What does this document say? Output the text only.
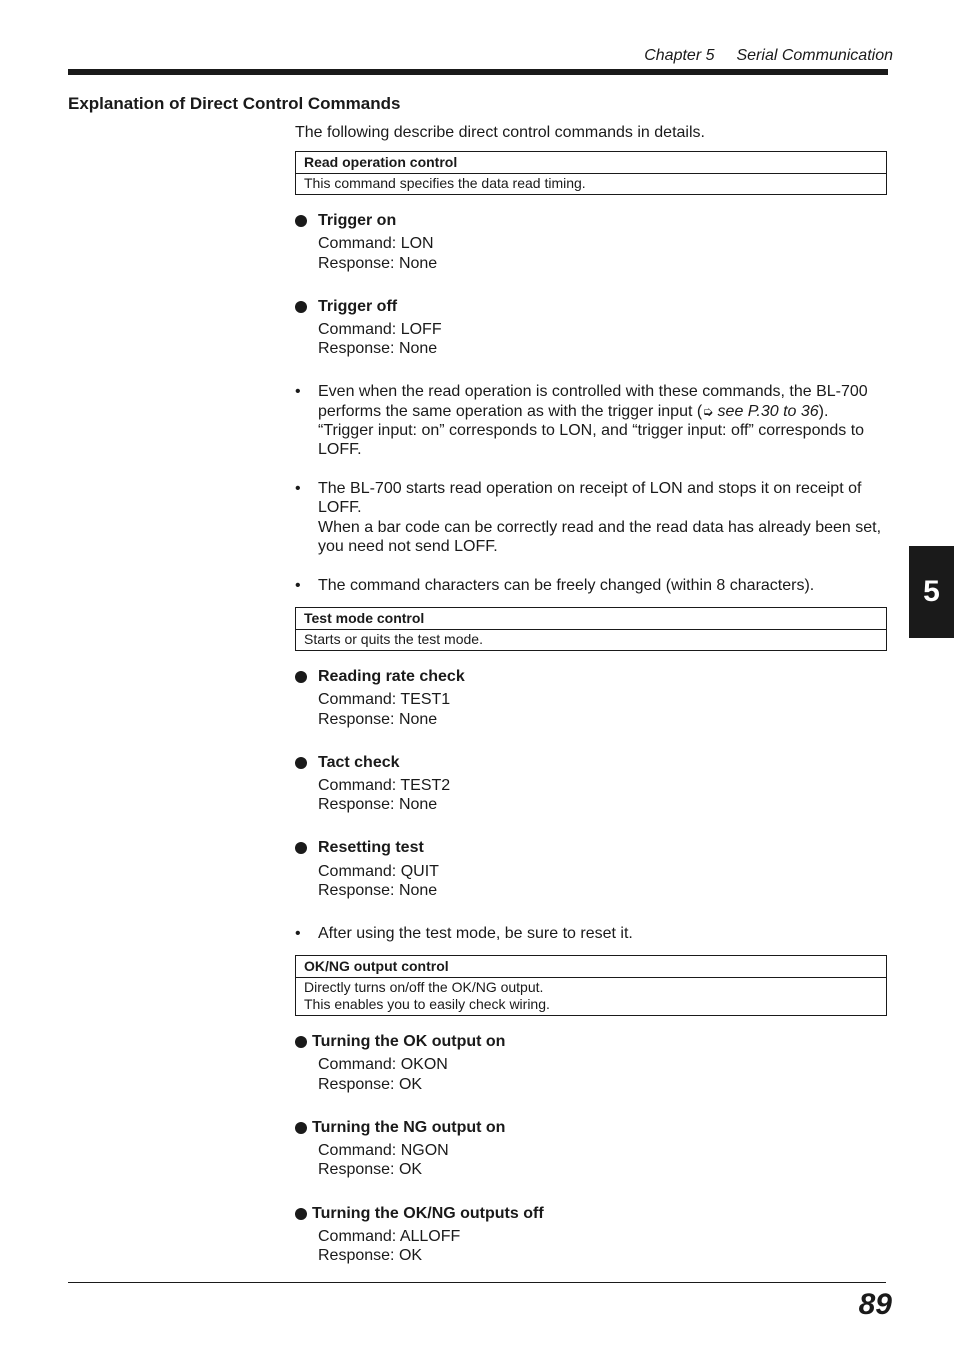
Chapter 5 Serial Communication
Explanation of Direct Control Commands

The following describe direct control commands in details.

Read operation control
This command specifies the data read timing.
Trigger on
Command: LON
Response: None
Trigger off
Command: LOFF
Response: None
• Even when the read operation is controlled with these commands, the BL-700 performs the same operation as with the trigger input (➭ see P.30 to 36).
“Trigger input: on” corresponds to LON, and “trigger input: off” corresponds to LOFF.
• The BL-700 starts read operation on receipt of LON and stops it on receipt of LOFF.
When a bar code can be correctly read and the read data has already been set, you need not send LOFF.
• The command characters can be freely changed (within 8 characters).
Test mode control
Starts or quits the test mode.
Reading rate check
Command: TEST1
Response: None
Tact check
Command: TEST2
Response: None
Resetting test
Command: QUIT
Response: None
• After using the test mode, be sure to reset it.
OK/NG output control
Directly turns on/off the OK/NG output.
This enables you to easily check wiring.
Turning the OK output on
Command: OKON
Response: OK
Turning the NG output on
Command: NGON
Response: OK
Turning the OK/NG outputs off
Command: ALLOFF
Response: OK
5
89
